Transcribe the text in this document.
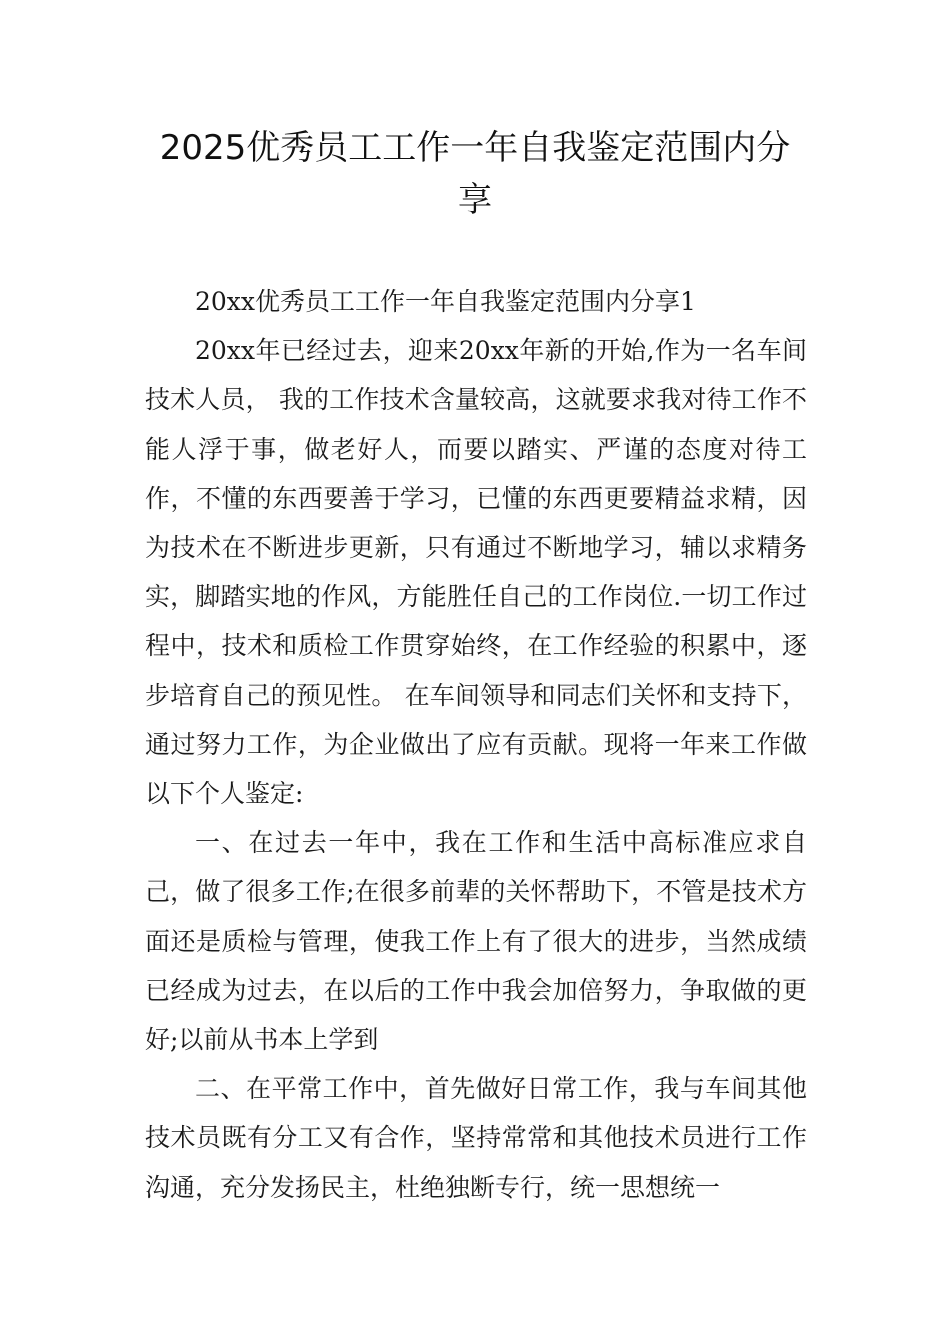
2025优秀员工工作一年自我鉴定范围内分享

20xx优秀员工工作一年自我鉴定范围内分享1

20xx年已经过去，迎来20xx年新的开始,作为一名车间技术人员， 我的工作技术含量较高，这就要求我对待工作不能人浮于事，做老好人，而要以踏实、严谨的态度对待工作，不懂的东西要善于学习，已懂的东西更要精益求精，因为技术在不断进步更新，只有通过不断地学习，辅以求精务实，脚踏实地的作风，方能胜任自己的工作岗位.一切工作过程中，技术和质检工作贯穿始终，在工作经验的积累中，逐步培育自己的预见性。 在车间领导和同志们关怀和支持下，通过努力工作，为企业做出了应有贡献。现将一年来工作做以下个人鉴定:

一、在过去一年中，我在工作和生活中高标准应求自己，做了很多工作;在很多前辈的关怀帮助下，不管是技术方面还是质检与管理，使我工作上有了很大的进步，当然成绩已经成为过去，在以后的工作中我会加倍努力，争取做的更好;以前从书本上学到

二、在平常工作中，首先做好日常工作，我与车间其他技术员既有分工又有合作，坚持常常和其他技术员进行工作沟通，充分发扬民主，杜绝独断专行，统一思想统一
